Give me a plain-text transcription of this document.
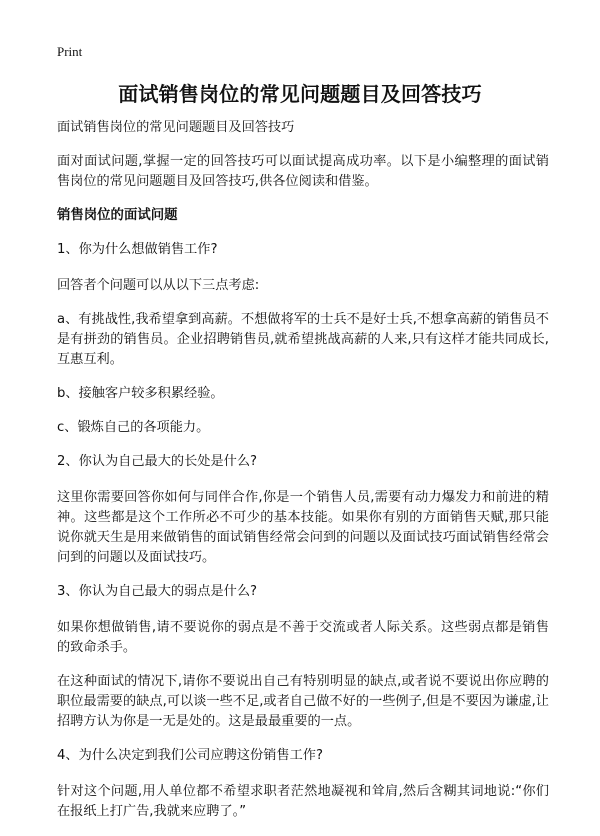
Print
面试销售岗位的常见问题题目及回答技巧

面试销售岗位的常见问题题目及回答技巧

面对面试问题,掌握一定的回答技巧可以面试提高成功率。以下是小编整理的面试销售岗位的常见问题题目及回答技巧,供各位阅读和借鉴。

销售岗位的面试问题

1、你为什么想做销售工作?

回答者个问题可以从以下三点考虑:

a、有挑战性,我希望拿到高薪。不想做将军的士兵不是好士兵,不想拿高薪的销售员不是有拼劲的销售员。企业招聘销售员,就希望挑战高薪的人来,只有这样才能共同成长,互惠互利。

b、接触客户较多积累经验。

c、锻炼自己的各项能力。

2、你认为自己最大的长处是什么?

这里你需要回答你如何与同伴合作,你是一个销售人员,需要有动力爆发力和前进的精神。这些都是这个工作所必不可少的基本技能。如果你有别的方面销售天赋,那只能说你就天生是用来做销售的面试销售经常会问到的问题以及面试技巧面试销售经常会问到的问题以及面试技巧。

3、你认为自己最大的弱点是什么?

如果你想做销售,请不要说你的弱点是不善于交流或者人际关系。这些弱点都是销售的致命杀手。

在这种面试的情况下,请你不要说出自己有特别明显的缺点,或者说不要说出你应聘的职位最需要的缺点,可以谈一些不足,或者自己做不好的一些例子,但是不要因为谦虚,让招聘方认为你是一无是处的。这是最最重要的一点。

4、为什么决定到我们公司应聘这份销售工作?

针对这个问题,用人单位都不希望求职者茫然地凝视和耸肩,然后含糊其词地说:“你们在报纸上打广告,我就来应聘了。”
